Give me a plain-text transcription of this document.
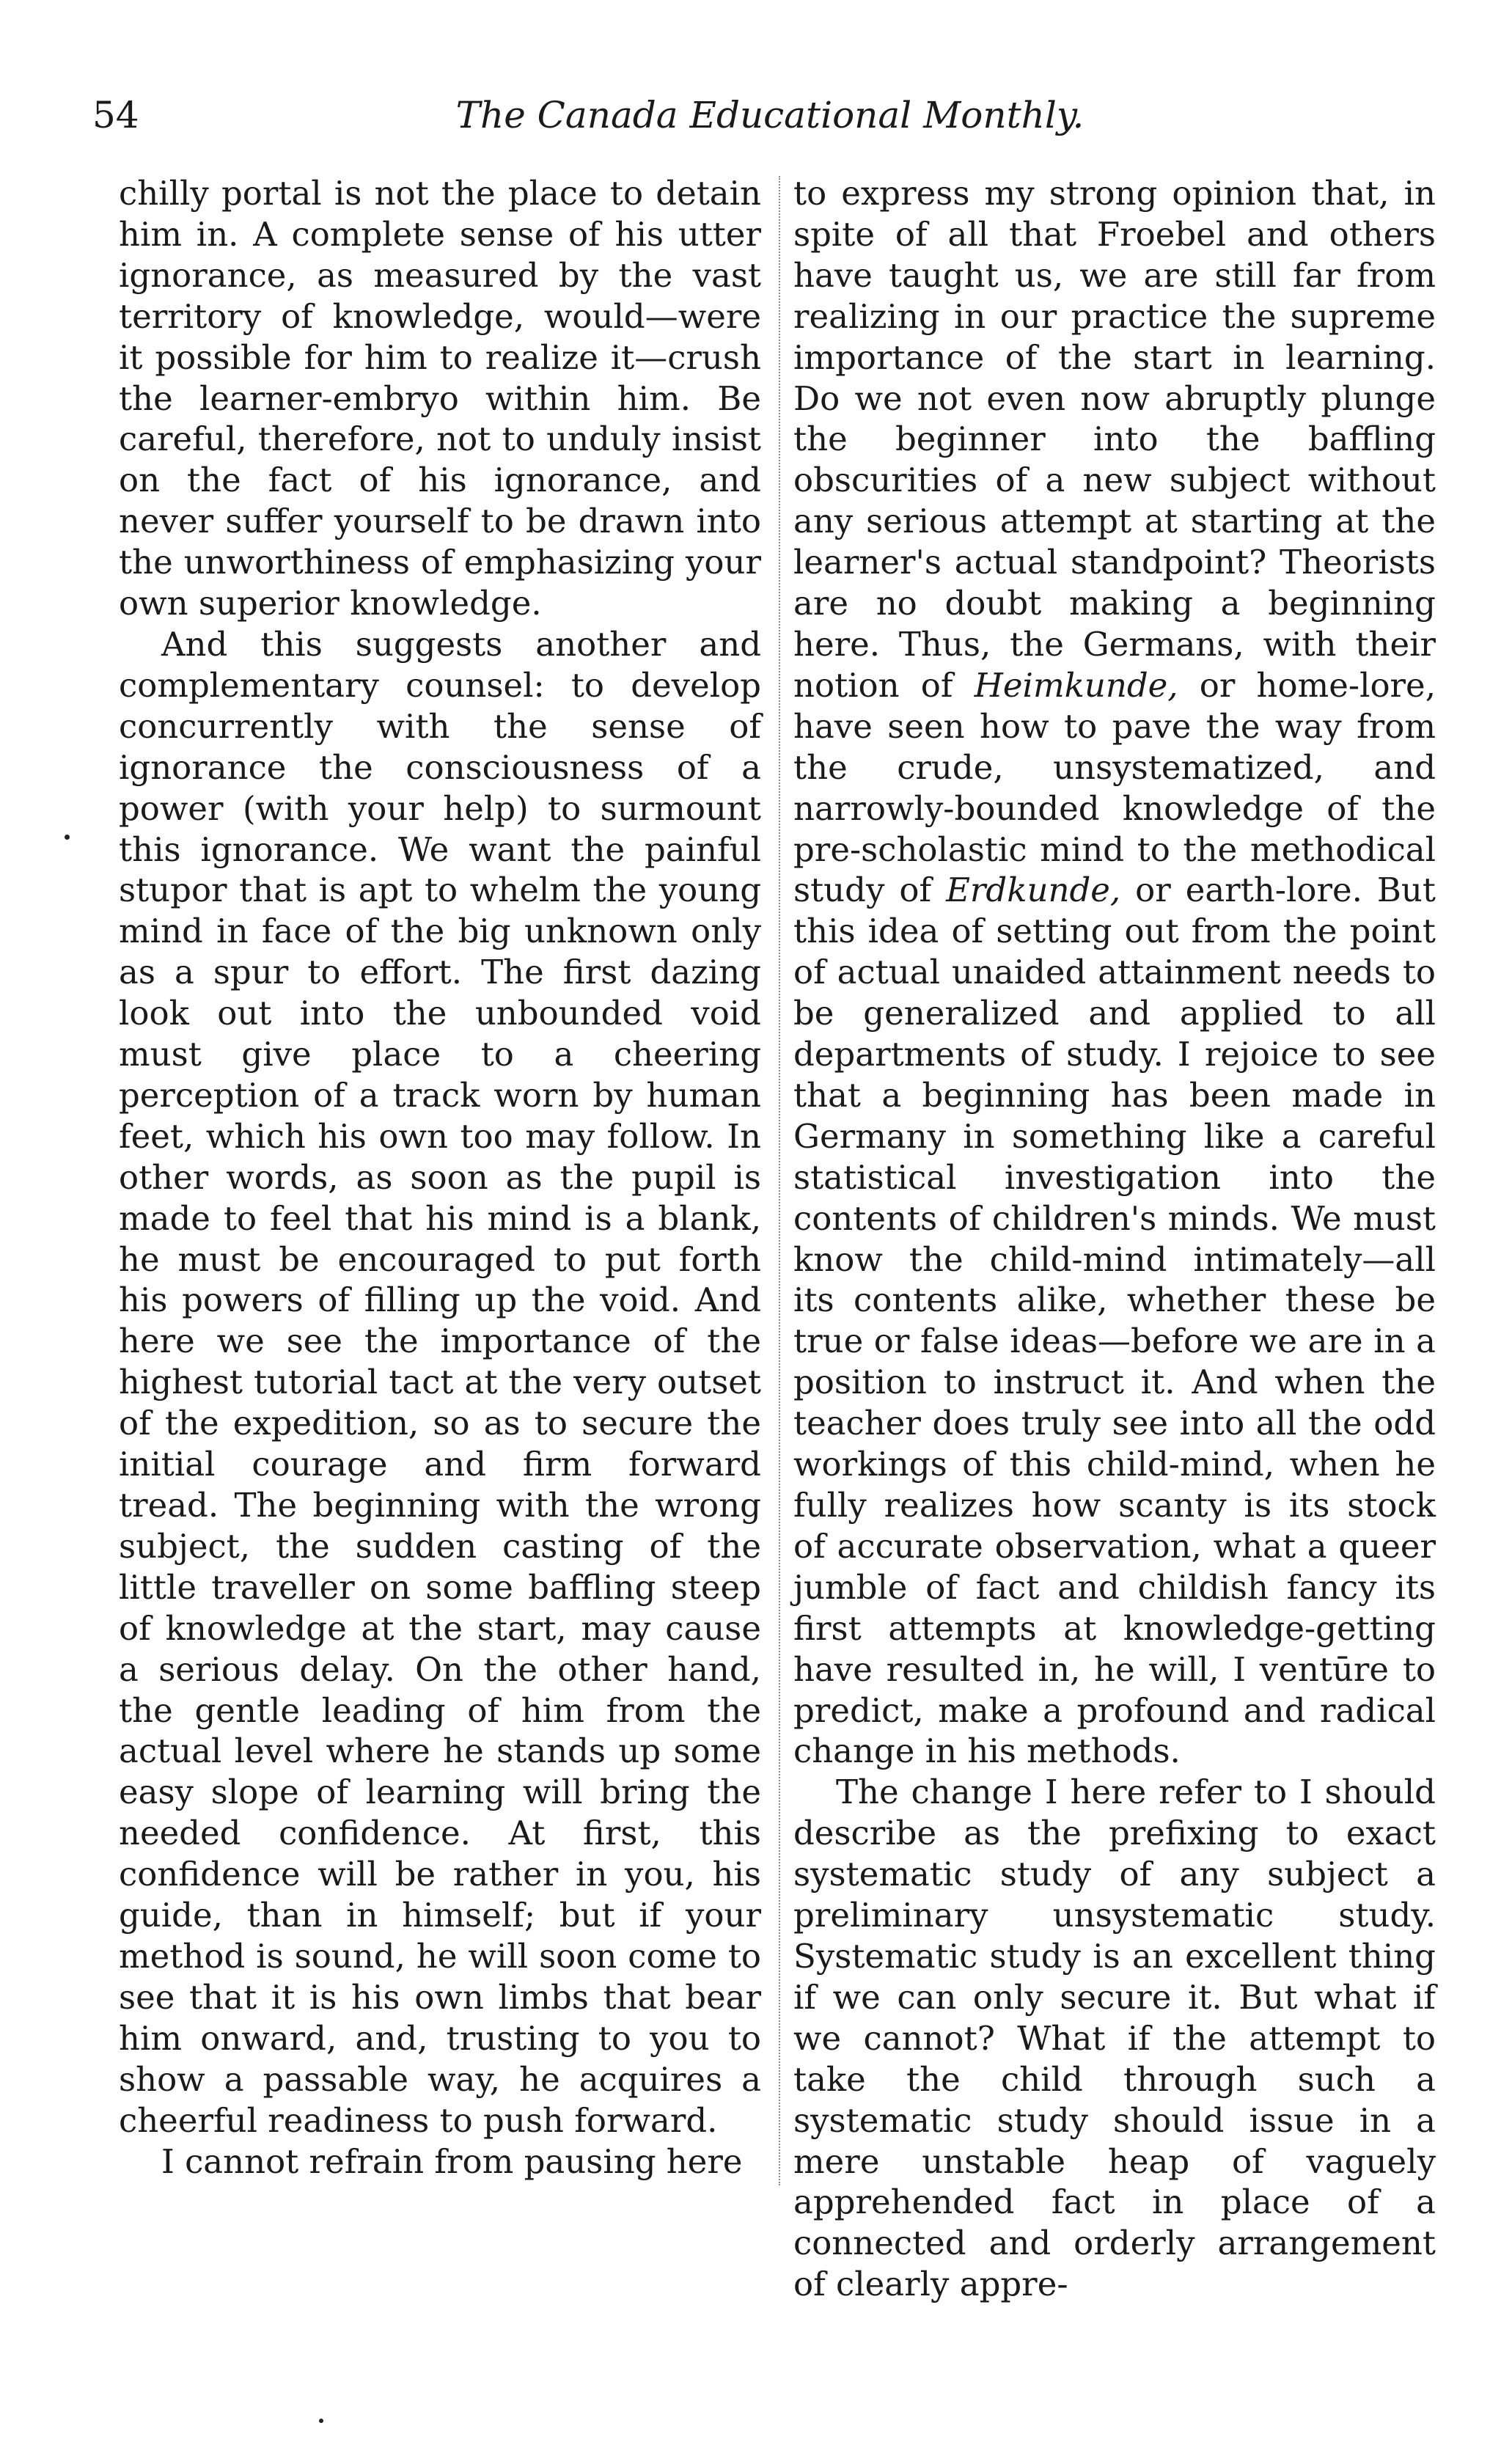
54	The Canada Educational Monthly.

chilly portal is not the place to detain him in. A complete sense of his utter ignorance, as measured by the vast territory of knowledge, would—were it possible for him to realize it—crush the learner-embryo within him. Be careful, therefore, not to unduly insist on the fact of his ignorance, and never suffer yourself to be drawn into the unworthiness of emphasizing your own superior knowledge.

And this suggests another and complementary counsel: to develop concurrently with the sense of ignorance the consciousness of a power (with your help) to surmount this ignorance. We want the painful stupor that is apt to whelm the young mind in face of the big unknown only as a spur to effort. The first dazing look out into the unbounded void must give place to a cheering perception of a track worn by human feet, which his own too may follow. In other words, as soon as the pupil is made to feel that his mind is a blank, he must be encouraged to put forth his powers of filling up the void. And here we see the importance of the highest tutorial tact at the very outset of the expedition, so as to secure the initial courage and firm forward tread. The beginning with the wrong subject, the sudden casting of the little traveller on some baffling steep of knowledge at the start, may cause a serious delay. On the other hand, the gentle leading of him from the actual level where he stands up some easy slope of learning will bring the needed confidence. At first, this confidence will be rather in you, his guide, than in himself; but if your method is sound, he will soon come to see that it is his own limbs that bear him onward, and, trusting to you to show a passable way, he acquires a cheerful readiness to push forward.

I cannot refrain from pausing here

to express my strong opinion that, in spite of all that Froebel and others have taught us, we are still far from realizing in our practice the supreme importance of the start in learning. Do we not even now abruptly plunge the beginner into the baffling obscurities of a new subject without any serious attempt at starting at the learner's actual standpoint? Theorists are no doubt making a beginning here. Thus, the Germans, with their notion of Heimkunde, or home-lore, have seen how to pave the way from the crude, unsystematized, and narrowly-bounded knowledge of the pre-scholastic mind to the methodical study of Erdkunde, or earth-lore. But this idea of setting out from the point of actual unaided attainment needs to be generalized and applied to all departments of study. I rejoice to see that a beginning has been made in Germany in something like a careful statistical investigation into the contents of children's minds. We must know the child-mind intimately—all its contents alike, whether these be true or false ideas—before we are in a position to instruct it. And when the teacher does truly see into all the odd workings of this child-mind, when he fully realizes how scanty is its stock of accurate observation, what a queer jumble of fact and childish fancy its first attempts at knowledge-getting have resulted in, he will, I ventūre to predict, make a profound and radical change in his methods.

The change I here refer to I should describe as the prefixing to exact systematic study of any subject a preliminary unsystematic study. Systematic study is an excellent thing if we can only secure it. But what if we cannot? What if the attempt to take the child through such a systematic study should issue in a mere unstable heap of vaguely apprehended fact in place of a connected and orderly arrangement of clearly appre-
